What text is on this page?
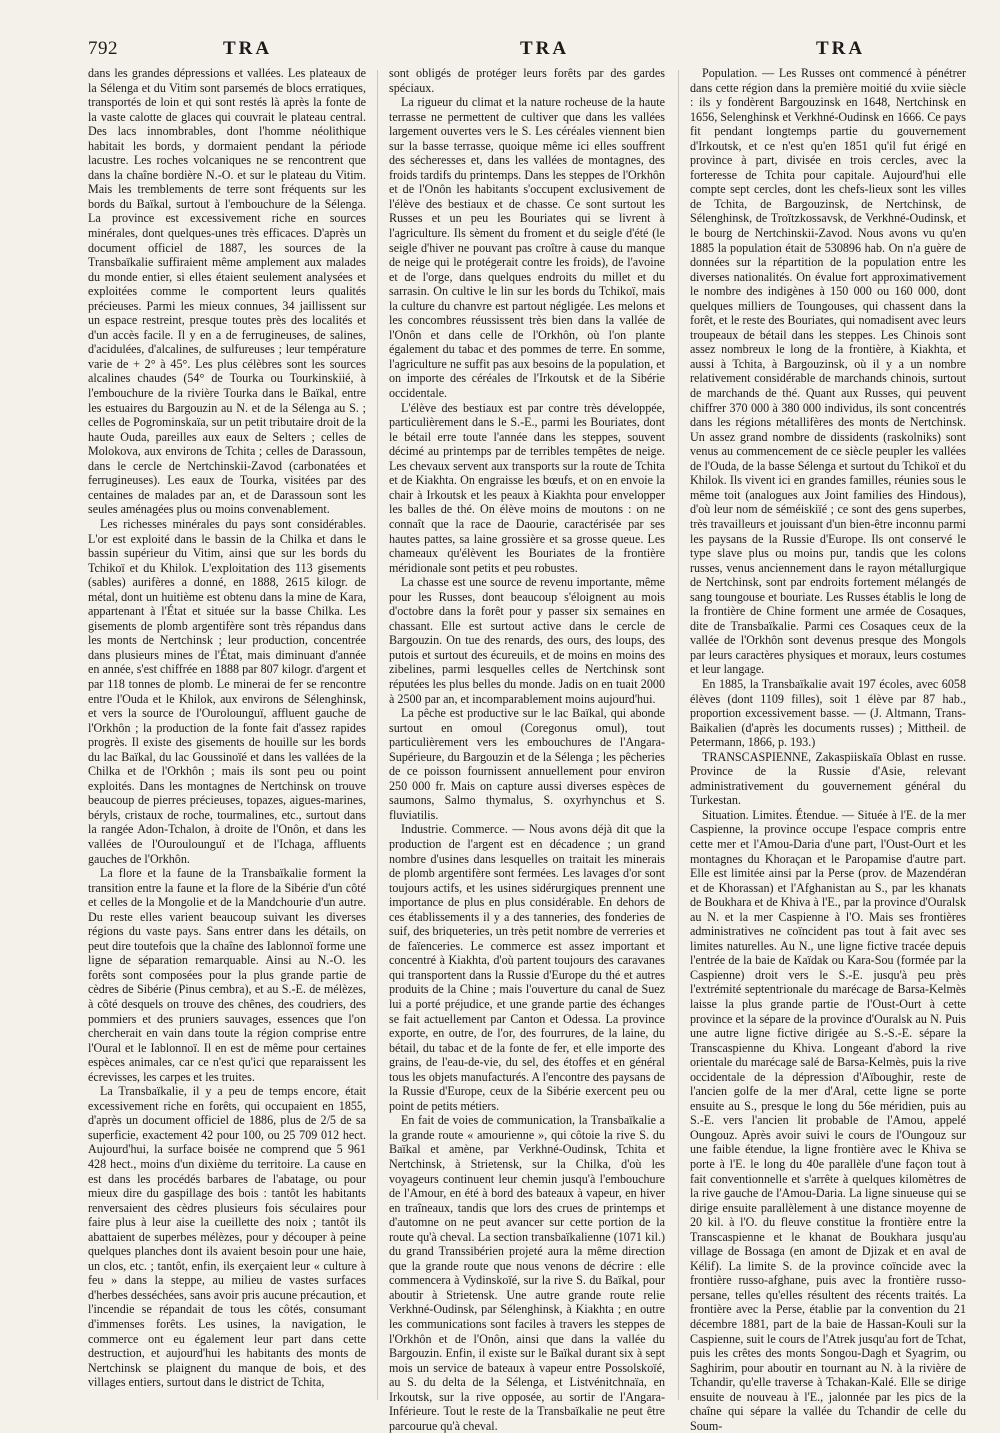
792	TRA	TRA	TRA

dans les grandes dépressions et vallées. Les plateaux de la Sélenga et du Vitim sont parsemés de blocs erratiques, transportés de loin et qui sont restés là après la fonte de la vaste calotte de glaces qui couvrait le plateau central. Des lacs innombrables, dont l'homme néolithique habitait les bords, y dormaient pendant la période lacustre. Les roches volcaniques ne se rencontrent que dans la chaîne bordière N.-O. et sur le plateau du Vitim. Mais les tremblements de terre sont fréquents sur les bords du Baïkal, surtout à l'embouchure de la Sélenga. La province est excessivement riche en sources minérales, dont quelques-unes très efficaces. D'après un document officiel de 1887, les sources de la Transbaïkalie suffiraient même amplement aux malades du monde entier, si elles étaient seulement analysées et exploitées comme le comportent leurs qualités précieuses. Parmi les mieux connues, 34 jaillissent sur un espace restreint, presque toutes près des localités et d'un accès facile. Il y en a de ferrugineuses, de salines, d'acidulées, d'alcalines, de sulfureuses ; leur température varie de + 2° à 45°. Les plus célèbres sont les sources alcalines chaudes (54° de Tourka ou Tourkinskiié, à l'embouchure de la rivière Tourka dans le Baïkal, entre les estuaires du Bargouzin au N. et de la Sélenga au S. ; celles de Pogrominskaïa, sur un petit tributaire droit de la haute Ouda, pareilles aux eaux de Selters ; celles de Molokova, aux environs de Tchita ; celles de Darassoun, dans le cercle de Nertchinskii-Zavod (carbonatées et ferrugineuses). Les eaux de Tourka, visitées par des centaines de malades par an, et de Darassoun sont les seules aménagées plus ou moins convenablement.

Les richesses minérales du pays sont considérables. L'or est exploité dans le bassin de la Chilka et dans le bassin supérieur du Vitim, ainsi que sur les bords du Tchikoï et du Khilok. L'exploitation des 113 gisements (sables) aurifères a donné, en 1888, 2615 kilogr. de métal, dont un huitième est obtenu dans la mine de Kara, appartenant à l'État et située sur la basse Chilka. Les gisements de plomb argentifère sont très répandus dans les monts de Nertchinsk ; leur production, concentrée dans plusieurs mines de l'État, mais diminuant d'année en année, s'est chiffrée en 1888 par 807 kilogr. d'argent et par 118 tonnes de plomb. Le minerai de fer se rencontre entre l'Ouda et le Khilok, aux environs de Sélenghinsk, et vers la source de l'Ourolounguï, affluent gauche de l'Orkhôn ; la production de la fonte fait d'assez rapides progrès. Il existe des gisements de houille sur les bords du lac Baïkal, du lac Goussinoïé et dans les vallées de la Chilka et de l'Orkhôn ; mais ils sont peu ou point exploités. Dans les montagnes de Nertchinsk on trouve beaucoup de pierres précieuses, topazes, aigues-marines, béryls, cristaux de roche, tourmalines, etc., surtout dans la rangée Adon-Tchalon, à droite de l'Onôn, et dans les vallées de l'Ouroulounguï et de l'Ichaga, affluents gauches de l'Orkhôn.

La flore et la faune de la Transbaïkalie forment la transition entre la faune et la flore de la Sibérie d'un côté et celles de la Mongolie et de la Mandchourie d'un autre. Du reste elles varient beaucoup suivant les diverses régions du vaste pays. Sans entrer dans les détails, on peut dire toutefois que la chaîne des Iablonnoï forme une ligne de séparation remarquable. Ainsi au N.-O. les forêts sont composées pour la plus grande partie de cèdres de Sibérie (Pinus cembra), et au S.-E. de mélèzes, à côté desquels on trouve des chênes, des coudriers, des pommiers et des pruniers sauvages, essences que l'on chercherait en vain dans toute la région comprise entre l'Oural et le Iablonnoï. Il en est de même pour certaines espèces animales, car ce n'est qu'ici que reparaissent les écrevisses, les carpes et les truites.

La Transbaïkalie, il y a peu de temps encore, était excessivement riche en forêts, qui occupaient en 1855, d'après un document officiel de 1886, plus de 2/5 de sa superficie, exactement 42 pour 100, ou 25 709 012 hect. Aujourd'hui, la surface boisée ne comprend que 5 961 428 hect., moins d'un dixième du territoire. La cause en est dans les procédés barbares de l'abatage, ou pour mieux dire du gaspillage des bois : tantôt les habitants renversaient des cèdres plusieurs fois séculaires pour faire plus à leur aise la cueillette des noix ; tantôt ils abattaient de superbes mélèzes, pour y découper à peine quelques planches dont ils avaient besoin pour une haie, un clos, etc. ; tantôt, enfin, ils exerçaient leur « culture à feu » dans la steppe, au milieu de vastes surfaces d'herbes desséchées, sans avoir pris aucune précaution, et l'incendie se répandait de tous les côtés, consumant d'immenses forêts. Les usines, la navigation, le commerce ont eu également leur part dans cette destruction, et aujourd'hui les habitants des monts de Nertchinsk se plaignent du manque de bois, et des villages entiers, surtout dans le district de Tchita,

sont obligés de protéger leurs forêts par des gardes spéciaux.

La rigueur du climat et la nature rocheuse de la haute terrasse ne permettent de cultiver que dans les vallées largement ouvertes vers le S. Les céréales viennent bien sur la basse terrasse, quoique même ici elles souffrent des sécheresses et, dans les vallées de montagnes, des froids tardifs du printemps. Dans les steppes de l'Orkhôn et de l'Onôn les habitants s'occupent exclusivement de l'élève des bestiaux et de chasse. Ce sont surtout les Russes et un peu les Bouriates qui se livrent à l'agriculture. Ils sèment du froment et du seigle d'été (le seigle d'hiver ne pouvant pas croître à cause du manque de neige qui le protégerait contre les froids), de l'avoine et de l'orge, dans quelques endroits du millet et du sarrasin. On cultive le lin sur les bords du Tchikoï, mais la culture du chanvre est partout négligée. Les melons et les concombres réussissent très bien dans la vallée de l'Onôn et dans celle de l'Orkhôn, où l'on plante également du tabac et des pommes de terre. En somme, l'agriculture ne suffit pas aux besoins de la population, et on importe des céréales de l'Irkoutsk et de la Sibérie occidentale.

L'élève des bestiaux est par contre très développée, particulièrement dans le S.-E., parmi les Bouriates, dont le bétail erre toute l'année dans les steppes, souvent décimé au printemps par de terribles tempêtes de neige. Les chevaux servent aux transports sur la route de Tchita et de Kiakhta. On engraisse les bœufs, et on en envoie la chair à Irkoutsk et les peaux à Kiakhta pour envelopper les balles de thé. On élève moins de moutons : on ne connaît que la race de Daourie, caractérisée par ses hautes pattes, sa laine grossière et sa grosse queue. Les chameaux qu'élèvent les Bouriates de la frontière méridionale sont petits et peu robustes.

La chasse est une source de revenu importante, même pour les Russes, dont beaucoup s'éloignent au mois d'octobre dans la forêt pour y passer six semaines en chassant. Elle est surtout active dans le cercle de Bargouzin. On tue des renards, des ours, des loups, des putois et surtout des écureuils, et de moins en moins des zibelines, parmi lesquelles celles de Nertchinsk sont réputées les plus belles du monde. Jadis on en tuait 2000 à 2500 par an, et incomparablement moins aujourd'hui.

La pêche est productive sur le lac Baïkal, qui abonde surtout en omoul (Coregonus omul), tout particulièrement vers les embouchures de l'Angara-Supérieure, du Bargouzin et de la Sélenga ; les pêcheries de ce poisson fournissent annuellement pour environ 250 000 fr. Mais on capture aussi diverses espèces de saumons, Salmo thymalus, S. oxyrhynchus et S. fluviatilis.

Industrie. Commerce. — Nous avons déjà dit que la production de l'argent est en décadence ; un grand nombre d'usines dans lesquelles on traitait les minerais de plomb argentifère sont fermées. Les lavages d'or sont toujours actifs, et les usines sidérurgiques prennent une importance de plus en plus considérable. En dehors de ces établissements il y a des tanneries, des fonderies de suif, des briqueteries, un très petit nombre de verreries et de faïenceries. Le commerce est assez important et concentré à Kiakhta, d'où partent toujours des caravanes qui transportent dans la Russie d'Europe du thé et autres produits de la Chine ; mais l'ouverture du canal de Suez lui a porté préjudice, et une grande partie des échanges se fait actuellement par Canton et Odessa. La province exporte, en outre, de l'or, des fourrures, de la laine, du bétail, du tabac et de la fonte de fer, et elle importe des grains, de l'eau-de-vie, du sel, des étoffes et en général tous les objets manufacturés. A l'encontre des paysans de la Russie d'Europe, ceux de la Sibérie exercent peu ou point de petits métiers.

En fait de voies de communication, la Transbaïkalie a la grande route « amourienne », qui côtoie la rive S. du Baïkal et amène, par Verkhné-Oudinsk, Tchita et Nertchinsk, à Strietensk, sur la Chilka, d'où les voyageurs continuent leur chemin jusqu'à l'embouchure de l'Amour, en été à bord des bateaux à vapeur, en hiver en traîneaux, tandis que lors des crues de printemps et d'automne on ne peut avancer sur cette portion de la route qu'à cheval. La section transbaïkalienne (1071 kil.) du grand Transsibérien projeté aura la même direction que la grande route que nous venons de décrire : elle commencera à Vydinskoïé, sur la rive S. du Baïkal, pour aboutir à Strietensk. Une autre grande route relie Verkhné-Oudinsk, par Sélenghinsk, à Kiakhta ; en outre les communications sont faciles à travers les steppes de l'Orkhôn et de l'Onôn, ainsi que dans la vallée du Bargouzin. Enfin, il existe sur le Baïkal durant six à sept mois un service de bateaux à vapeur entre Possolskoïé, au S. du delta de la Sélenga, et Listvénitchnaïa, en Irkoutsk, sur la rive opposée, au sortir de l'Angara-Inférieure. Tout le reste de la Transbaïkalie ne peut être parcourue qu'à cheval.

Population. — Les Russes ont commencé à pénétrer dans cette région dans la première moitié du xviie siècle : ils y fondèrent Bargouzinsk en 1648, Nertchinsk en 1656, Selenghinsk et Verkhné-Oudinsk en 1666. Ce pays fit pendant longtemps partie du gouvernement d'Irkoutsk, et ce n'est qu'en 1851 qu'il fut érigé en province à part, divisée en trois cercles, avec la forteresse de Tchita pour capitale. Aujourd'hui elle compte sept cercles, dont les chefs-lieux sont les villes de Tchita, de Bargouzinsk, de Nertchinsk, de Sélenghinsk, de Troïtzkossavsk, de Verkhné-Oudinsk, et le bourg de Nertchinskii-Zavod. Nous avons vu qu'en 1885 la population était de 530896 hab. On n'a guère de données sur la répartition de la population entre les diverses nationalités. On évalue fort approximativement le nombre des indigènes à 150 000 ou 160 000, dont quelques milliers de Toungouses, qui chassent dans la forêt, et le reste des Bouriates, qui nomadisent avec leurs troupeaux de bétail dans les steppes. Les Chinois sont assez nombreux le long de la frontière, à Kiakhta, et aussi à Tchita, à Bargouzinsk, où il y a un nombre relativement considérable de marchands chinois, surtout de marchands de thé. Quant aux Russes, qui peuvent chiffrer 370 000 à 380 000 individus, ils sont concentrés dans les régions métallifères des monts de Nertchinsk. Un assez grand nombre de dissidents (raskolniks) sont venus au commencement de ce siècle peupler les vallées de l'Ouda, de la basse Sélenga et surtout du Tchikoï et du Khilok. Ils vivent ici en grandes familles, réunies sous le même toit (analogues aux Joint families des Hindous), d'où leur nom de séméiskiïé ; ce sont des gens superbes, très travailleurs et jouissant d'un bien-être inconnu parmi les paysans de la Russie d'Europe. Ils ont conservé le type slave plus ou moins pur, tandis que les colons russes, venus anciennement dans le rayon métallurgique de Nertchinsk, sont par endroits fortement mélangés de sang toungouse et bouriate. Les Russes établis le long de la frontière de Chine forment une armée de Cosaques, dite de Transbaïkalie. Parmi ces Cosaques ceux de la vallée de l'Orkhôn sont devenus presque des Mongols par leurs caractères physiques et moraux, leurs costumes et leur langage.

En 1885, la Transbaïkalie avait 197 écoles, avec 6058 élèves (dont 1109 filles), soit 1 élève par 87 hab., proportion excessivement basse. — (J. Altmann, Trans-Baikalien (d'après les documents russes) ; Mittheil. de Petermann, 1866, p. 193.)

TRANSCASPIENNE, Zakaspiiskaïa Oblast en russe. Province de la Russie d'Asie, relevant administrativement du gouvernement général du Turkestan.

Situation. Limites. Étendue. — Située à l'E. de la mer Caspienne, la province occupe l'espace compris entre cette mer et l'Amou-Daria d'une part, l'Oust-Ourt et les montagnes du Khoraçan et le Paropamise d'autre part. Elle est limitée ainsi par la Perse (prov. de Mazendéran et de Khorassan) et l'Afghanistan au S., par les khanats de Boukhara et de Khiva à l'E., par la province d'Ouralsk au N. et la mer Caspienne à l'O. Mais ses frontières administratives ne coïncident pas tout à fait avec ses limites naturelles. Au N., une ligne fictive tracée depuis l'entrée de la baie de Kaïdak ou Kara-Sou (formée par la Caspienne) droit vers le S.-E. jusqu'à peu près l'extrémité septentrionale du marécage de Barsa-Kelmès laisse la plus grande partie de l'Oust-Ourt à cette province et la sépare de la province d'Ouralsk au N. Puis une autre ligne fictive dirigée au S.-S.-E. sépare la Transcaspienne du Khiva. Longeant d'abord la rive orientale du marécage salé de Barsa-Kelmès, puis la rive occidentale de la dépression d'Aïboughir, reste de l'ancien golfe de la mer d'Aral, cette ligne se porte ensuite au S., presque le long du 56e méridien, puis au S.-E. vers l'ancien lit probable de l'Amou, appelé Oungouz. Après avoir suivi le cours de l'Oungouz sur une faible étendue, la ligne frontière avec le Khiva se porte à l'E. le long du 40e parallèle d'une façon tout à fait conventionnelle et s'arrête à quelques kilomètres de la rive gauche de l'Amou-Daria. La ligne sinueuse qui se dirige ensuite parallèlement à une distance moyenne de 20 kil. à l'O. du fleuve constitue la frontière entre la Transcaspienne et le khanat de Boukhara jusqu'au village de Bossaga (en amont de Djizak et en aval de Kélif). La limite S. de la province coïncide avec la frontière russo-afghane, puis avec la frontière russo-persane, telles qu'elles résultent des récents traités. La frontière avec la Perse, établie par la convention du 21 décembre 1881, part de la baie de Hassan-Kouli sur la Caspienne, suit le cours de l'Atrek jusqu'au fort de Tchat, puis les crêtes des monts Songou-Dagh et Syagrim, ou Saghirim, pour aboutir en tournant au N. à la rivière de Tchandir, qu'elle traverse à Tchakan-Kalé. Elle se dirige ensuite de nouveau à l'E., jalonnée par les pics de la chaîne qui sépare la vallée du Tchandir de celle du Soum-
